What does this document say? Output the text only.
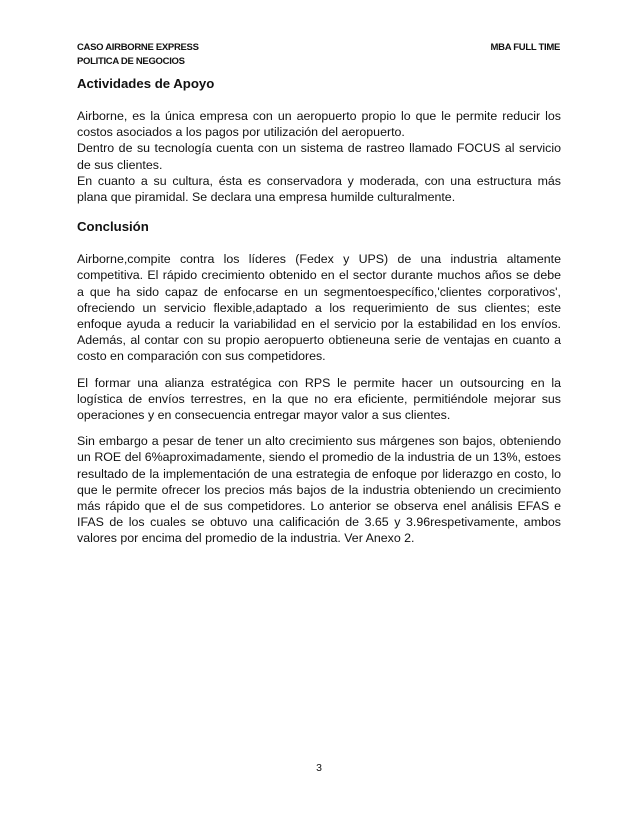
CASO AIRBORNE EXPRESS
POLITICA DE NEGOCIOS
MBA FULL TIME
Actividades de Apoyo

Airborne, es la única empresa con un aeropuerto propio lo que le permite reducir los costos asociados a los pagos por utilización del aeropuerto.

Dentro de su tecnología cuenta con un sistema de rastreo llamado FOCUS al servicio de sus clientes.

En cuanto a su cultura, ésta es conservadora y moderada, con una estructura más plana que piramidal. Se declara una empresa humilde culturalmente.

Conclusión

Airborne,compite contra los líderes (Fedex y UPS) de una industria altamente competitiva. El rápido crecimiento obtenido en el sector durante muchos años se debe a que ha sido capaz de enfocarse en un segmentoespecífico,'clientes corporativos', ofreciendo un servicio flexible,adaptado a los requerimiento de sus clientes; este enfoque ayuda a reducir la variabilidad en el servicio por la estabilidad en los envíos. Además, al contar con su propio aeropuerto obtieneuna serie de ventajas en cuanto a costo en comparación con sus competidores.

El formar una alianza estratégica con RPS le permite hacer un outsourcing en la logística de envíos terrestres, en la que no era eficiente, permitiéndole mejorar sus operaciones y en consecuencia entregar mayor valor a sus clientes.

Sin embargo a pesar de tener un alto crecimiento sus márgenes son bajos, obteniendo un ROE del 6%aproximadamente, siendo el promedio de la industria de un 13%, estoes resultado de la implementación de una estrategia de enfoque por liderazgo en costo, lo que le permite ofrecer los precios más bajos de la industria obteniendo un crecimiento más rápido que el de sus competidores. Lo anterior se observa enel análisis EFAS e IFAS de los cuales se obtuvo una calificación de 3.65 y 3.96respetivamente, ambos valores por encima del promedio de la industria. Ver Anexo 2.

3
